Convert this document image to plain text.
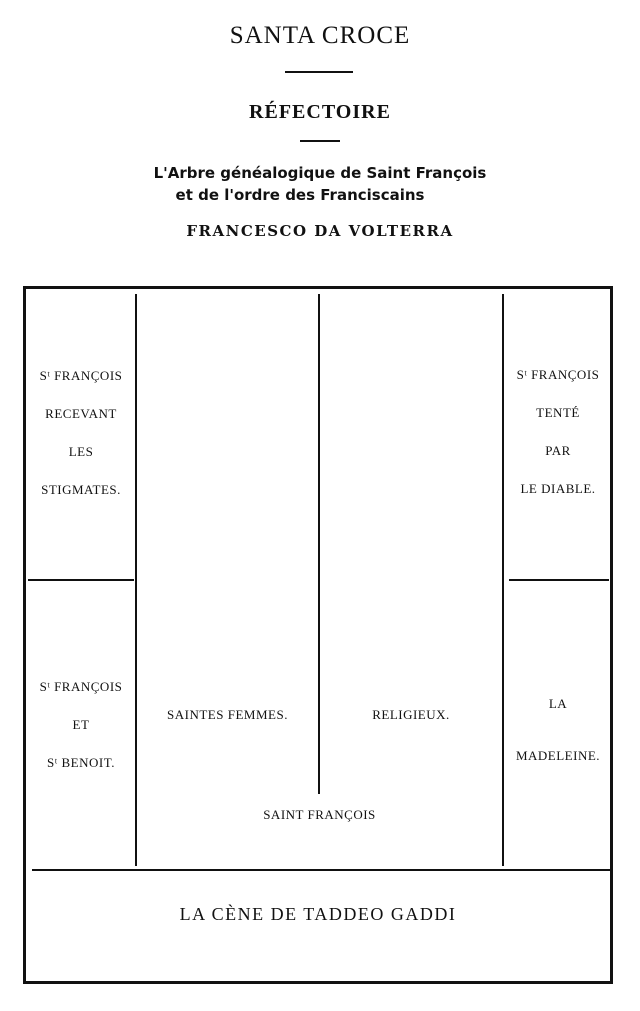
SANTA CROCE
RÉFECTOIRE
L'Arbre généalogique de Saint François
et de l'ordre des Franciscains
FRANCESCO DA VOLTERRA
Sᵗ FRANÇOIS
RECEVANT
LES
STIGMATES.
Sᵗ FRANÇOIS
TENTÉ
PAR
LE DIABLE.
Sᵗ FRANÇOIS
ET
Sᵗ BENOIT.
LA
MADELEINE.
SAINTES FEMMES.	RELIGIEUX.
SAINT FRANÇOIS
LA CÈNE DE TADDEO GADDI
